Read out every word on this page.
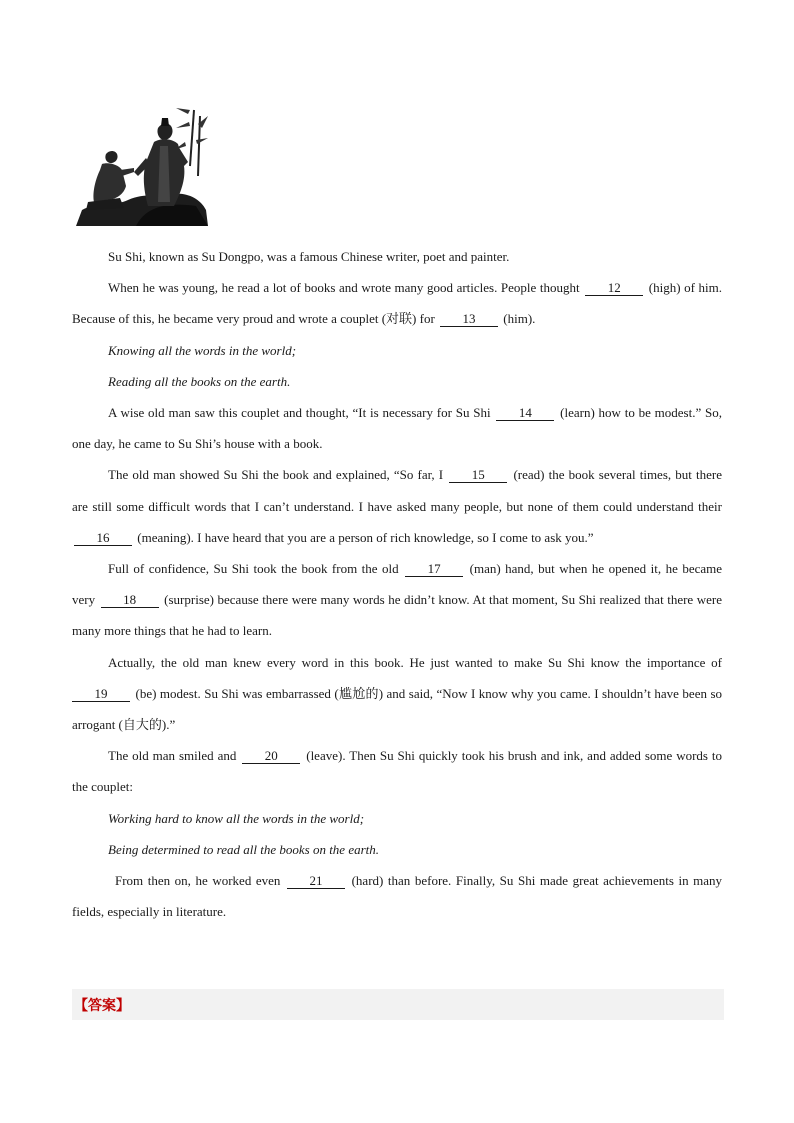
Su Shi, known as Su Dongpo, was a famous Chinese writer, poet and painter.

When he was young, he read a lot of books and wrote many good articles. People thought 12 (high) of him. Because of this, he became very proud and wrote a couplet (对联) for 13 (him).

Knowing all the words in the world;

Reading all the books on the earth.

A wise old man saw this couplet and thought, “It is necessary for Su Shi 14 (learn) how to be modest.” So, one day, he came to Su Shi’s house with a book.

The old man showed Su Shi the book and explained, “So far, I 15 (read) the book several times, but there are still some difficult words that I can’t understand. I have asked many people, but none of them could understand their 16 (meaning). I have heard that you are a person of rich knowledge, so I come to ask you.”

Full of confidence, Su Shi took the book from the old 17 (man) hand, but when he opened it, he became very 18 (surprise) because there were many words he didn’t know. At that moment, Su Shi realized that there were many more things that he had to learn.

Actually, the old man knew every word in this book. He just wanted to make Su Shi know the importance of 19 (be) modest. Su Shi was embarrassed (尴尬的) and said, “Now I know why you came. I shouldn’t have been so arrogant (自大的).”

The old man smiled and 20 (leave). Then Su Shi quickly took his brush and ink, and added some words to the couplet:

Working hard to know all the words in the world;

Being determined to read all the books on the earth.

From then on, he worked even 21 (hard) than before. Finally, Su Shi made great achievements in many fields, especially in literature.

【答案】
